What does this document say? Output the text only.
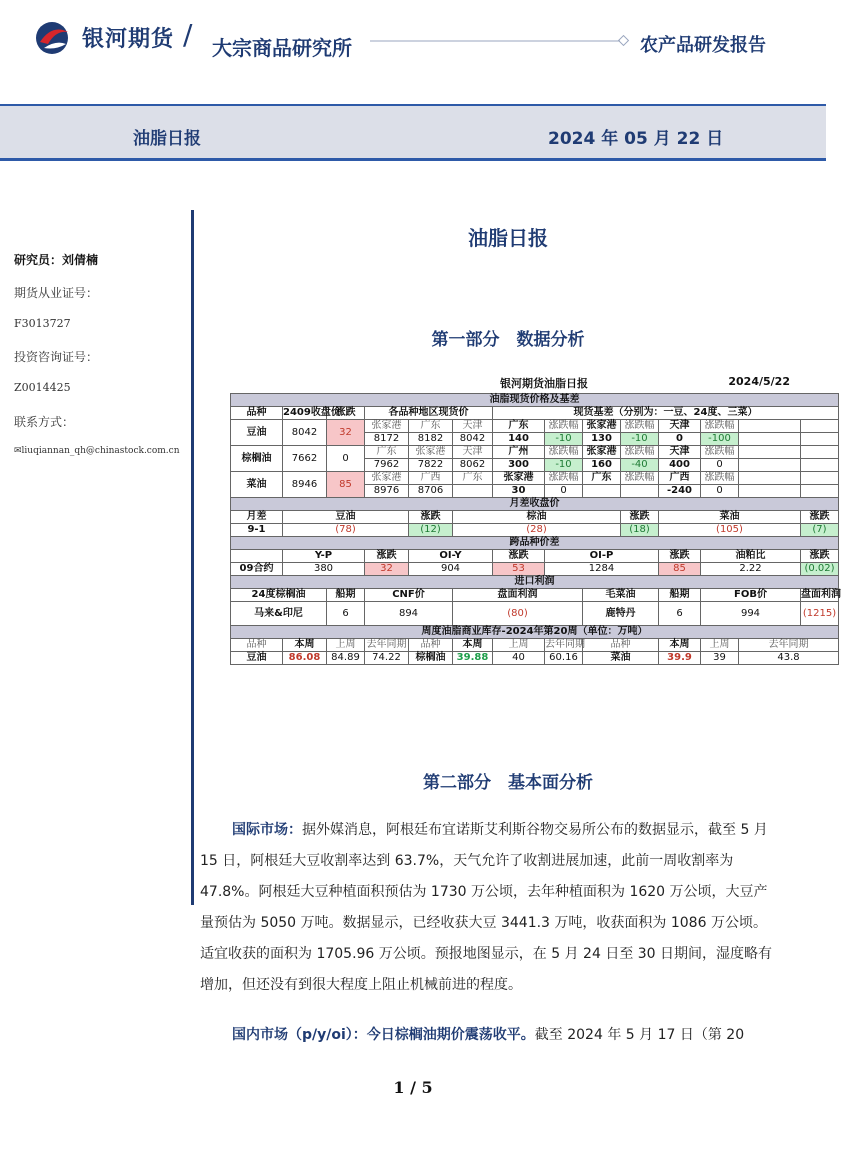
银河期货 / 大宗商品研究所	农产品研发报告
油脂日报	2024 年 05 月 22 日
研究员：刘倩楠
期货从业证号：
F3013727
投资咨询证号：
Z0014425
联系方式：
✉liuqiannan_qh@chinastock.com.cn
油脂日报
第一部分　数据分析
银河期货油脂日报	2024/5/22
油脂现货价格及基差													
品种	2409收盘价	涨跌	各品种地区现货价			现货基差（分别为：一豆、24度、三菜）							
豆油	8042	32	张家港	广东	天津	广东	涨跌幅	张家港	涨跌幅	天津	涨跌幅		
			8172	8182	8042	140	-10	130	-10	0	-100		
棕榈油	7662	0	广东	张家港	天津	广州	涨跌幅	张家港	涨跌幅	天津	涨跌幅		
			7962	7822	8062	300	-10	160	-40	400	0		
菜油	8946	85	张家港	广西	广东	张家港	涨跌幅	广东	涨跌幅	广西	涨跌幅		
			8976	8706		30	0			-240	0		
月差收盘价													
月差	豆油			涨跌	棕油				涨跌	菜油			涨跌
9-1	(78)			(12)	(28)				(18)	(105)			(7)
跨品种价差													
	Y-P		涨跌	OI-Y		涨跌	OI-P			涨跌	油粕比		涨跌
09合约	380		32	904		53	1284			85	2.22		(0.02)
进口利润													
24度棕榈油		船期	CNF价		盘面利润			毛菜油		船期	FOB价		盘面利润
马来&印尼		6	894		(80)			鹿特丹		6	994		(1215)
周度油脂商业库存-2024年第20周（单位：万吨）													
品种	本周	上周	去年同期	品种	本周	上周	去年同期	品种		本周	上周	去年同期	
豆油	86.08	84.89	74.22	棕榈油	39.88	40	60.16	菜油		39.9	39	43.8	
第二部分　基本面分析
国际市场：据外媒消息，阿根廷布宜诺斯艾利斯谷物交易所公布的数据显示，截至 5 月 15 日，阿根廷大豆收割率达到 63.7%，天气允许了收割进展加速，此前一周收割率为 47.8%。阿根廷大豆种植面积预估为 1730 万公顷，去年种植面积为 1620 万公顷，大豆产量预估为 5050 万吨。数据显示，已经收获大豆 3441.3 万吨，收获面积为 1086 万公顷。适宜收获的面积为 1705.96 万公顷。预报地图显示，在 5 月 24 日至 30 日期间，湿度略有增加，但还没有到很大程度上阻止机械前进的程度。
国内市场（p/y/oi）：今日棕榈油期价震荡收平。截至 2024 年 5 月 17 日（第 20
1 / 5
